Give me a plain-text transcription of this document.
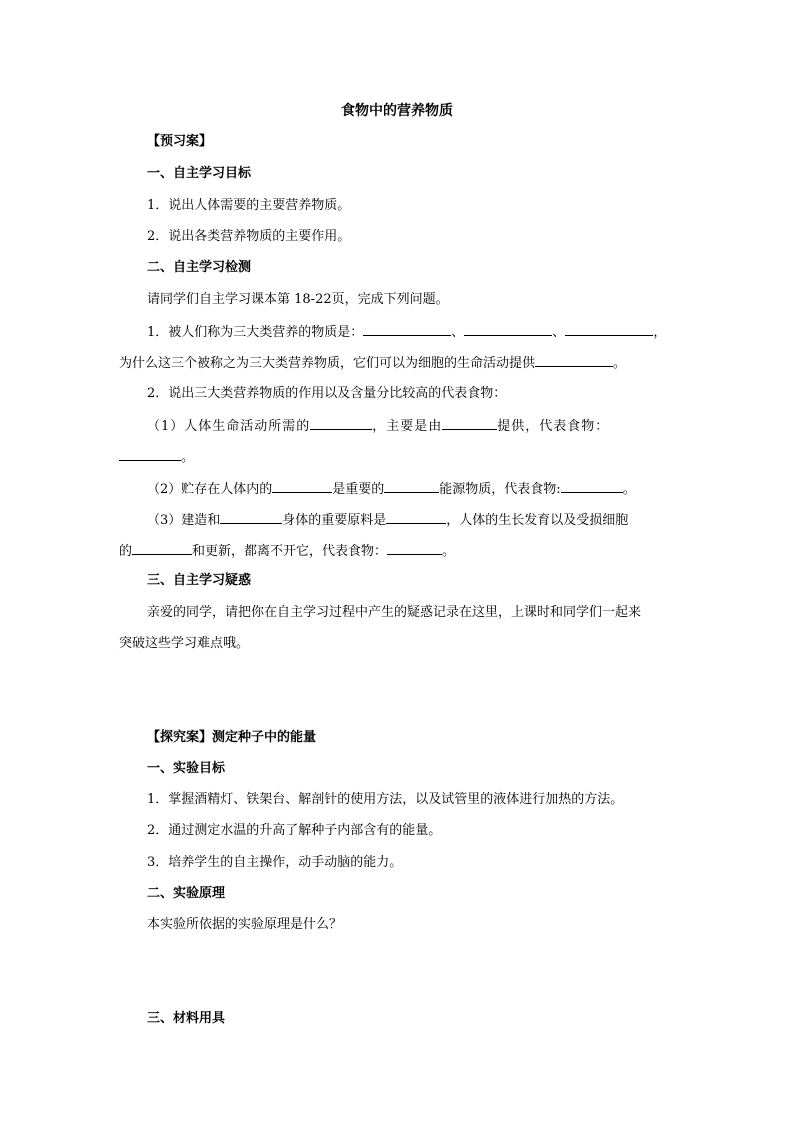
食物中的营养物质
【预习案】
一、自主学习目标
1．说出人体需要的主要营养物质。
2．说出各类营养物质的主要作用。
二、自主学习检测
请同学们自主学习课本第 18-22页，完成下列问题。
1．被人们称为三大类营养的物质是：	、	、	，
为什么这三个被称之为三大类营养物质，它们可以为细胞的生命活动提供	。
2．说出三大类营养物质的作用以及含量分比较高的代表食物：
（1）人体生命活动所需的	，主要是由	提供，代表食物：
。
（2）贮存在人体内的	是重要的	能源物质，代表食物:	。
（3）建造和	身体的重要原料是	，人体的生长发育以及受损细胞
的	和更新，都离不开它，代表食物：	。
三、自主学习疑惑
亲爱的同学，请把你在自主学习过程中产生的疑惑记录在这里，上课时和同学们一起来
突破这些学习难点哦。
【探究案】测定种子中的能量
一、实验目标
1．掌握酒精灯、铁架台、解剖针的使用方法，以及试管里的液体进行加热的方法。
2．通过测定水温的升高了解种子内部含有的能量。
3．培养学生的自主操作，动手动脑的能力。
二、实验原理
本实验所依据的实验原理是什么？
三、材料用具
